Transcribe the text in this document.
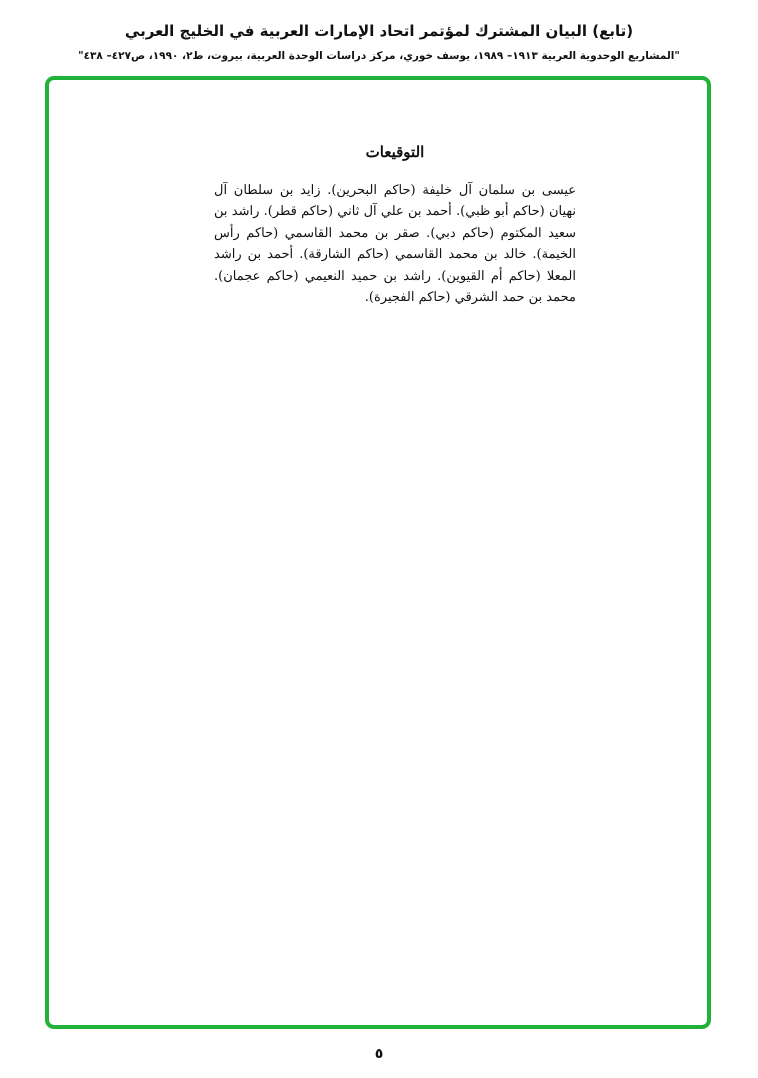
(تابع) البيان المشترك لمؤتمر اتحاد الإمارات العربية في الخليج العربي

"المشاريع الوحدوية العربية ١٩١٣– ١٩٨٩، يوسف خوري، مركز دراسات الوحدة العربية، بيروت، ط٢، ١٩٩٠، ص٤٢٧– ٤٣٨"

التوقيعات

عيسى بن سلمان آل خليفة (حاكم البحرين). زايد بن سلطان آل نهيان (حاكم أبو ظبي). أحمد بن علي آل ثاني (حاكم قطر). راشد بن سعيد المكتوم (حاكم دبي). صقر بن محمد القاسمي (حاكم رأس الخيمة). خالد بن محمد القاسمي (حاكم الشارقة). أحمد بن راشد المعلا (حاكم أم القيوين). راشد بن حميد النعيمي (حاكم عجمان). محمد بن حمد الشرقي (حاكم الفجيرة).

٥
